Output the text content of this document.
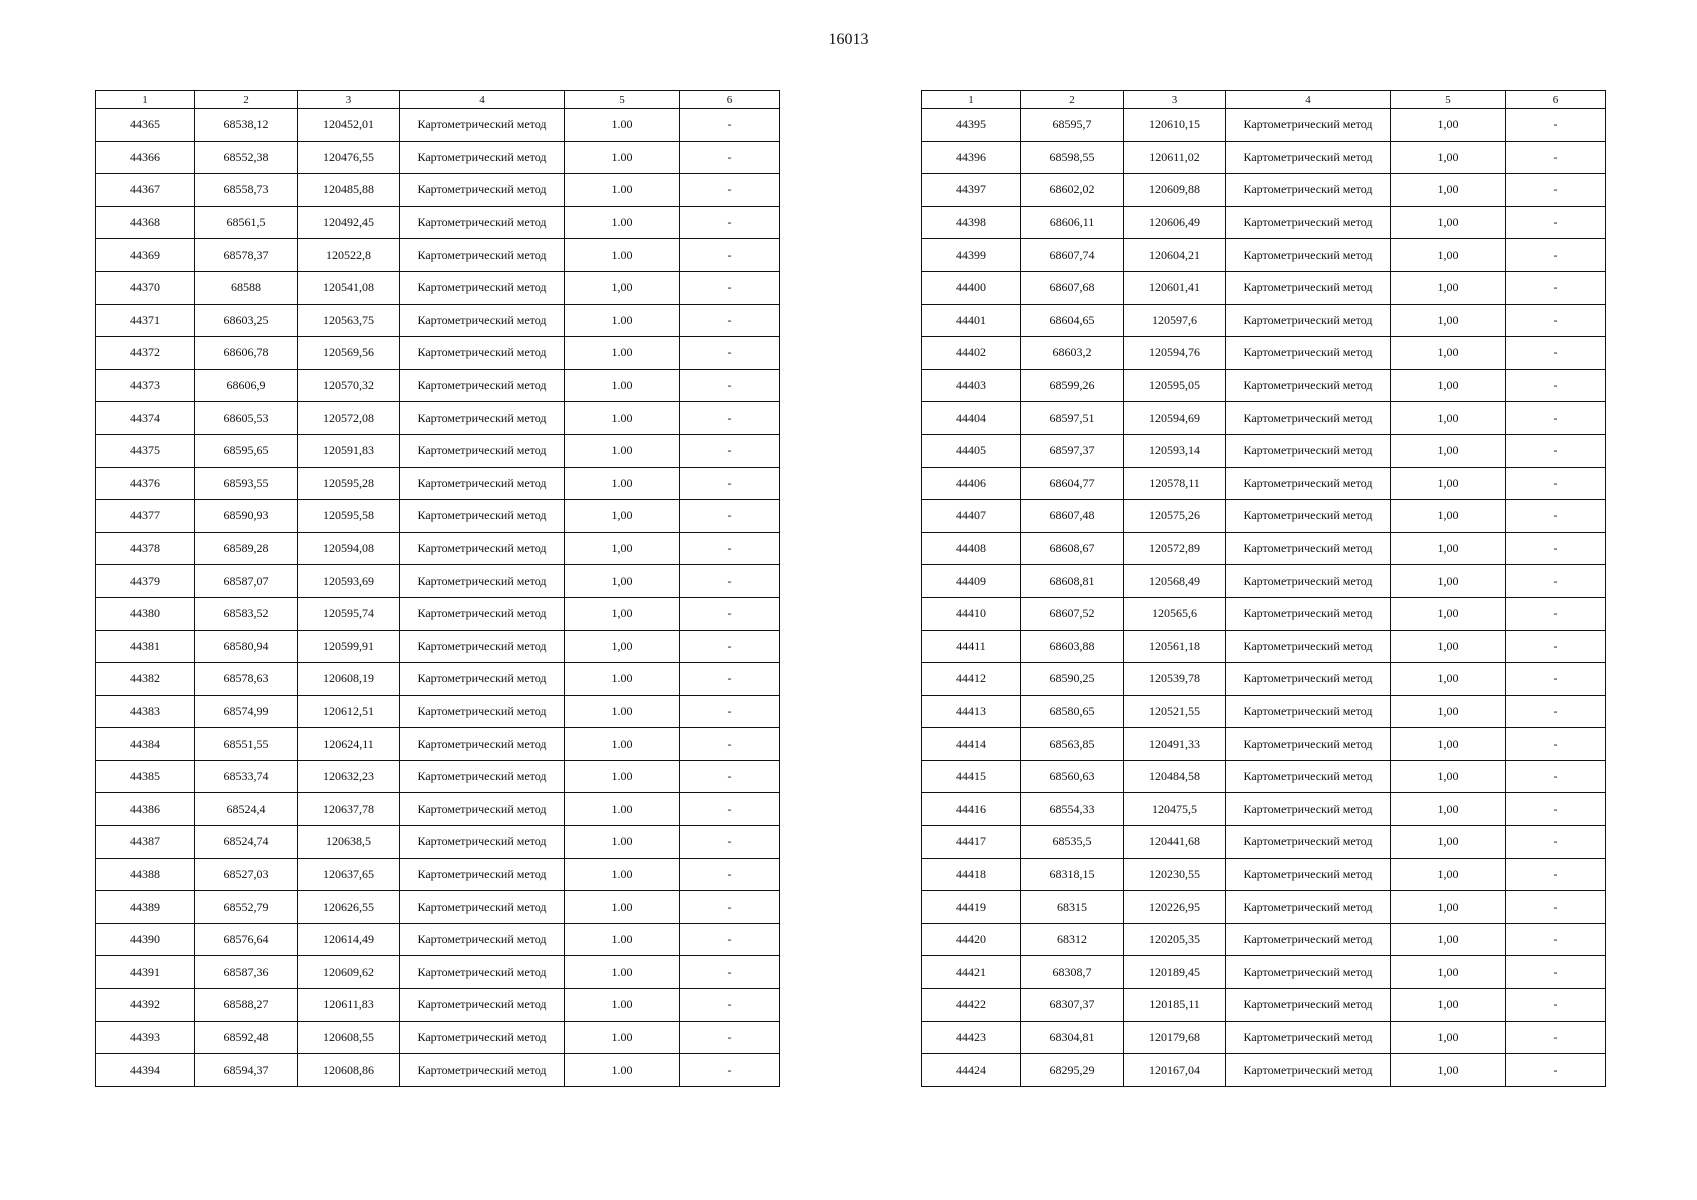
16013
1	2	3	4	5	6
44365	68538,12	120452,01	Картометрический метод	1.00	-
44366	68552,38	120476,55	Картометрический метод	1.00	-
44367	68558,73	120485,88	Картометрический метод	1.00	-
44368	68561,5	120492,45	Картометрический метод	1.00	-
44369	68578,37	120522,8	Картометрический метод	1.00	-
44370	68588	120541,08	Картометрический метод	1,00	-
44371	68603,25	120563,75	Картометрический метод	1.00	-
44372	68606,78	120569,56	Картометрический метод	1.00	-
44373	68606,9	120570,32	Картометрический метод	1.00	-
44374	68605,53	120572,08	Картометрический метод	1.00	-
44375	68595,65	120591,83	Картометрический метод	1.00	-
44376	68593,55	120595,28	Картометрический метод	1.00	-
44377	68590,93	120595,58	Картометрический метод	1,00	-
44378	68589,28	120594,08	Картометрический метод	1,00	-
44379	68587,07	120593,69	Картометрический метод	1,00	-
44380	68583,52	120595,74	Картометрический метод	1,00	-
44381	68580,94	120599,91	Картометрический метод	1,00	-
44382	68578,63	120608,19	Картометрический метод	1.00	-
44383	68574,99	120612,51	Картометрический метод	1.00	-
44384	68551,55	120624,11	Картометрический метод	1.00	-
44385	68533,74	120632,23	Картометрический метод	1.00	-
44386	68524,4	120637,78	Картометрический метод	1.00	-
44387	68524,74	120638,5	Картометрический метод	1.00	-
44388	68527,03	120637,65	Картометрический метод	1.00	-
44389	68552,79	120626,55	Картометрический метод	1.00	-
44390	68576,64	120614,49	Картометрический метод	1.00	-
44391	68587,36	120609,62	Картометрический метод	1.00	-
44392	68588,27	120611,83	Картометрический метод	1.00	-
44393	68592,48	120608,55	Картометрический метод	1.00	-
44394	68594,37	120608,86	Картометрический метод	1.00	-
1	2	3	4	5	6
44395	68595,7	120610,15	Картометрический метод	1,00	-
44396	68598,55	120611,02	Картометрический метод	1,00	-
44397	68602,02	120609,88	Картометрический метод	1,00	-
44398	68606,11	120606,49	Картометрический метод	1,00	-
44399	68607,74	120604,21	Картометрический метод	1,00	-
44400	68607,68	120601,41	Картометрический метод	1,00	-
44401	68604,65	120597,6	Картометрический метод	1,00	-
44402	68603,2	120594,76	Картометрический метод	1,00	-
44403	68599,26	120595,05	Картометрический метод	1,00	-
44404	68597,51	120594,69	Картометрический метод	1,00	-
44405	68597,37	120593,14	Картометрический метод	1,00	-
44406	68604,77	120578,11	Картометрический метод	1,00	-
44407	68607,48	120575,26	Картометрический метод	1,00	-
44408	68608,67	120572,89	Картометрический метод	1,00	-
44409	68608,81	120568,49	Картометрический метод	1,00	-
44410	68607,52	120565,6	Картометрический метод	1,00	-
44411	68603,88	120561,18	Картометрический метод	1,00	-
44412	68590,25	120539,78	Картометрический метод	1,00	-
44413	68580,65	120521,55	Картометрический метод	1,00	-
44414	68563,85	120491,33	Картометрический метод	1,00	-
44415	68560,63	120484,58	Картометрический метод	1,00	-
44416	68554,33	120475,5	Картометрический метод	1,00	-
44417	68535,5	120441,68	Картометрический метод	1,00	-
44418	68318,15	120230,55	Картометрический метод	1,00	-
44419	68315	120226,95	Картометрический метод	1,00	-
44420	68312	120205,35	Картометрический метод	1,00	-
44421	68308,7	120189,45	Картометрический метод	1,00	-
44422	68307,37	120185,11	Картометрический метод	1,00	-
44423	68304,81	120179,68	Картометрический метод	1,00	-
44424	68295,29	120167,04	Картометрический метод	1,00	-
